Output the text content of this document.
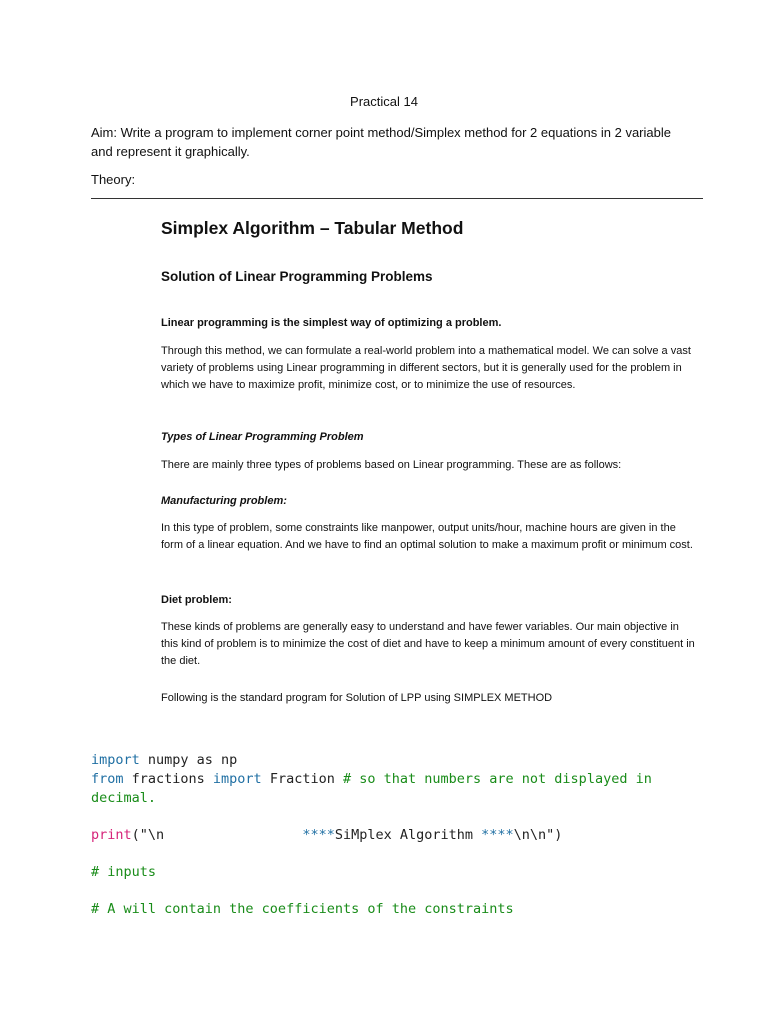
Practical 14
Aim: Write a program to implement corner point method/Simplex method for 2 equations in 2 variable and represent it graphically.
Theory:
Simplex Algorithm – Tabular Method
Solution of Linear Programming Problems
Linear programming is the simplest way of optimizing a problem.
Through this method, we can formulate a real-world problem into a mathematical model. We can solve a vast variety of problems using Linear programming in different sectors, but it is generally used for the problem in which we have to maximize profit, minimize cost, or to minimize the use of resources.
Types of Linear Programming Problem
There are mainly three types of problems based on Linear programming. These are as follows:
Manufacturing problem:
In this type of problem, some constraints like manpower, output units/hour, machine hours are given in the form of a linear equation. And we have to find an optimal solution to make a maximum profit or minimum cost.
Diet problem:
These kinds of problems are generally easy to understand and have fewer variables. Our main objective in this kind of problem is to minimize the cost of diet and have to keep a minimum amount of every constituent in the diet.
Following is the standard program for Solution of LPP using SIMPLEX METHOD
import numpy as np
from fractions import Fraction # so that numbers are not displayed in
decimal.
print("\n                 ****SiMplex Algorithm ****\n\n")
# inputs
# A will contain the coefficients of the constraints
